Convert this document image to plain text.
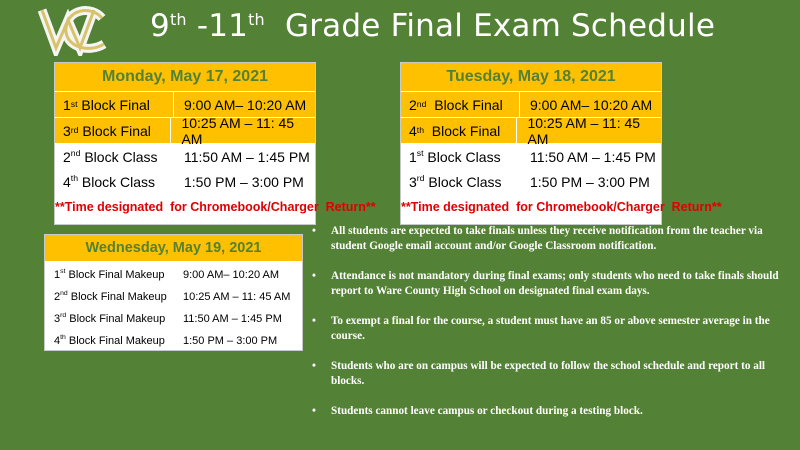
9th -11th  Grade Final Exam Schedule
Monday, May 17, 2021
1st Block Final	9:00 AM– 10:20 AM
3rd Block Final	10:25 AM – 11: 45 AM
2nd Block Class	11:50 AM – 1:45 PM
4th Block Class	1:50 PM – 3:00 PM
**Time designated  for Chromebook/Charger  Return**
Tuesday, May 18, 2021
2nd Block Final	9:00 AM– 10:20 AM
4th Block Final	10:25 AM – 11: 45 AM
1st Block Class	11:50 AM – 1:45 PM
3rd Block Class	1:50 PM – 3:00 PM
**Time designated  for Chromebook/Charger  Return**
Wednesday, May 19, 2021
1st Block Final Makeup	9:00 AM– 10:20 AM
2nd Block Final Makeup	10:25 AM – 11: 45 AM
3rd Block Final Makeup	11:50 AM – 1:45 PM
4th Block Final Makeup	1:50 PM – 3:00 PM
• All students are expected to take finals unless they receive notification from the teacher via student Google email account and/or Google Classroom notification.
• Attendance is not mandatory during final exams; only students who need to take finals should report to Ware County High School on designated final exam days.
• To exempt a final for the course, a student must have an 85 or above semester average in the course.
• Students who are on campus will be expected to follow the school schedule and report to all blocks.
• Students cannot leave campus or checkout during a testing block.
